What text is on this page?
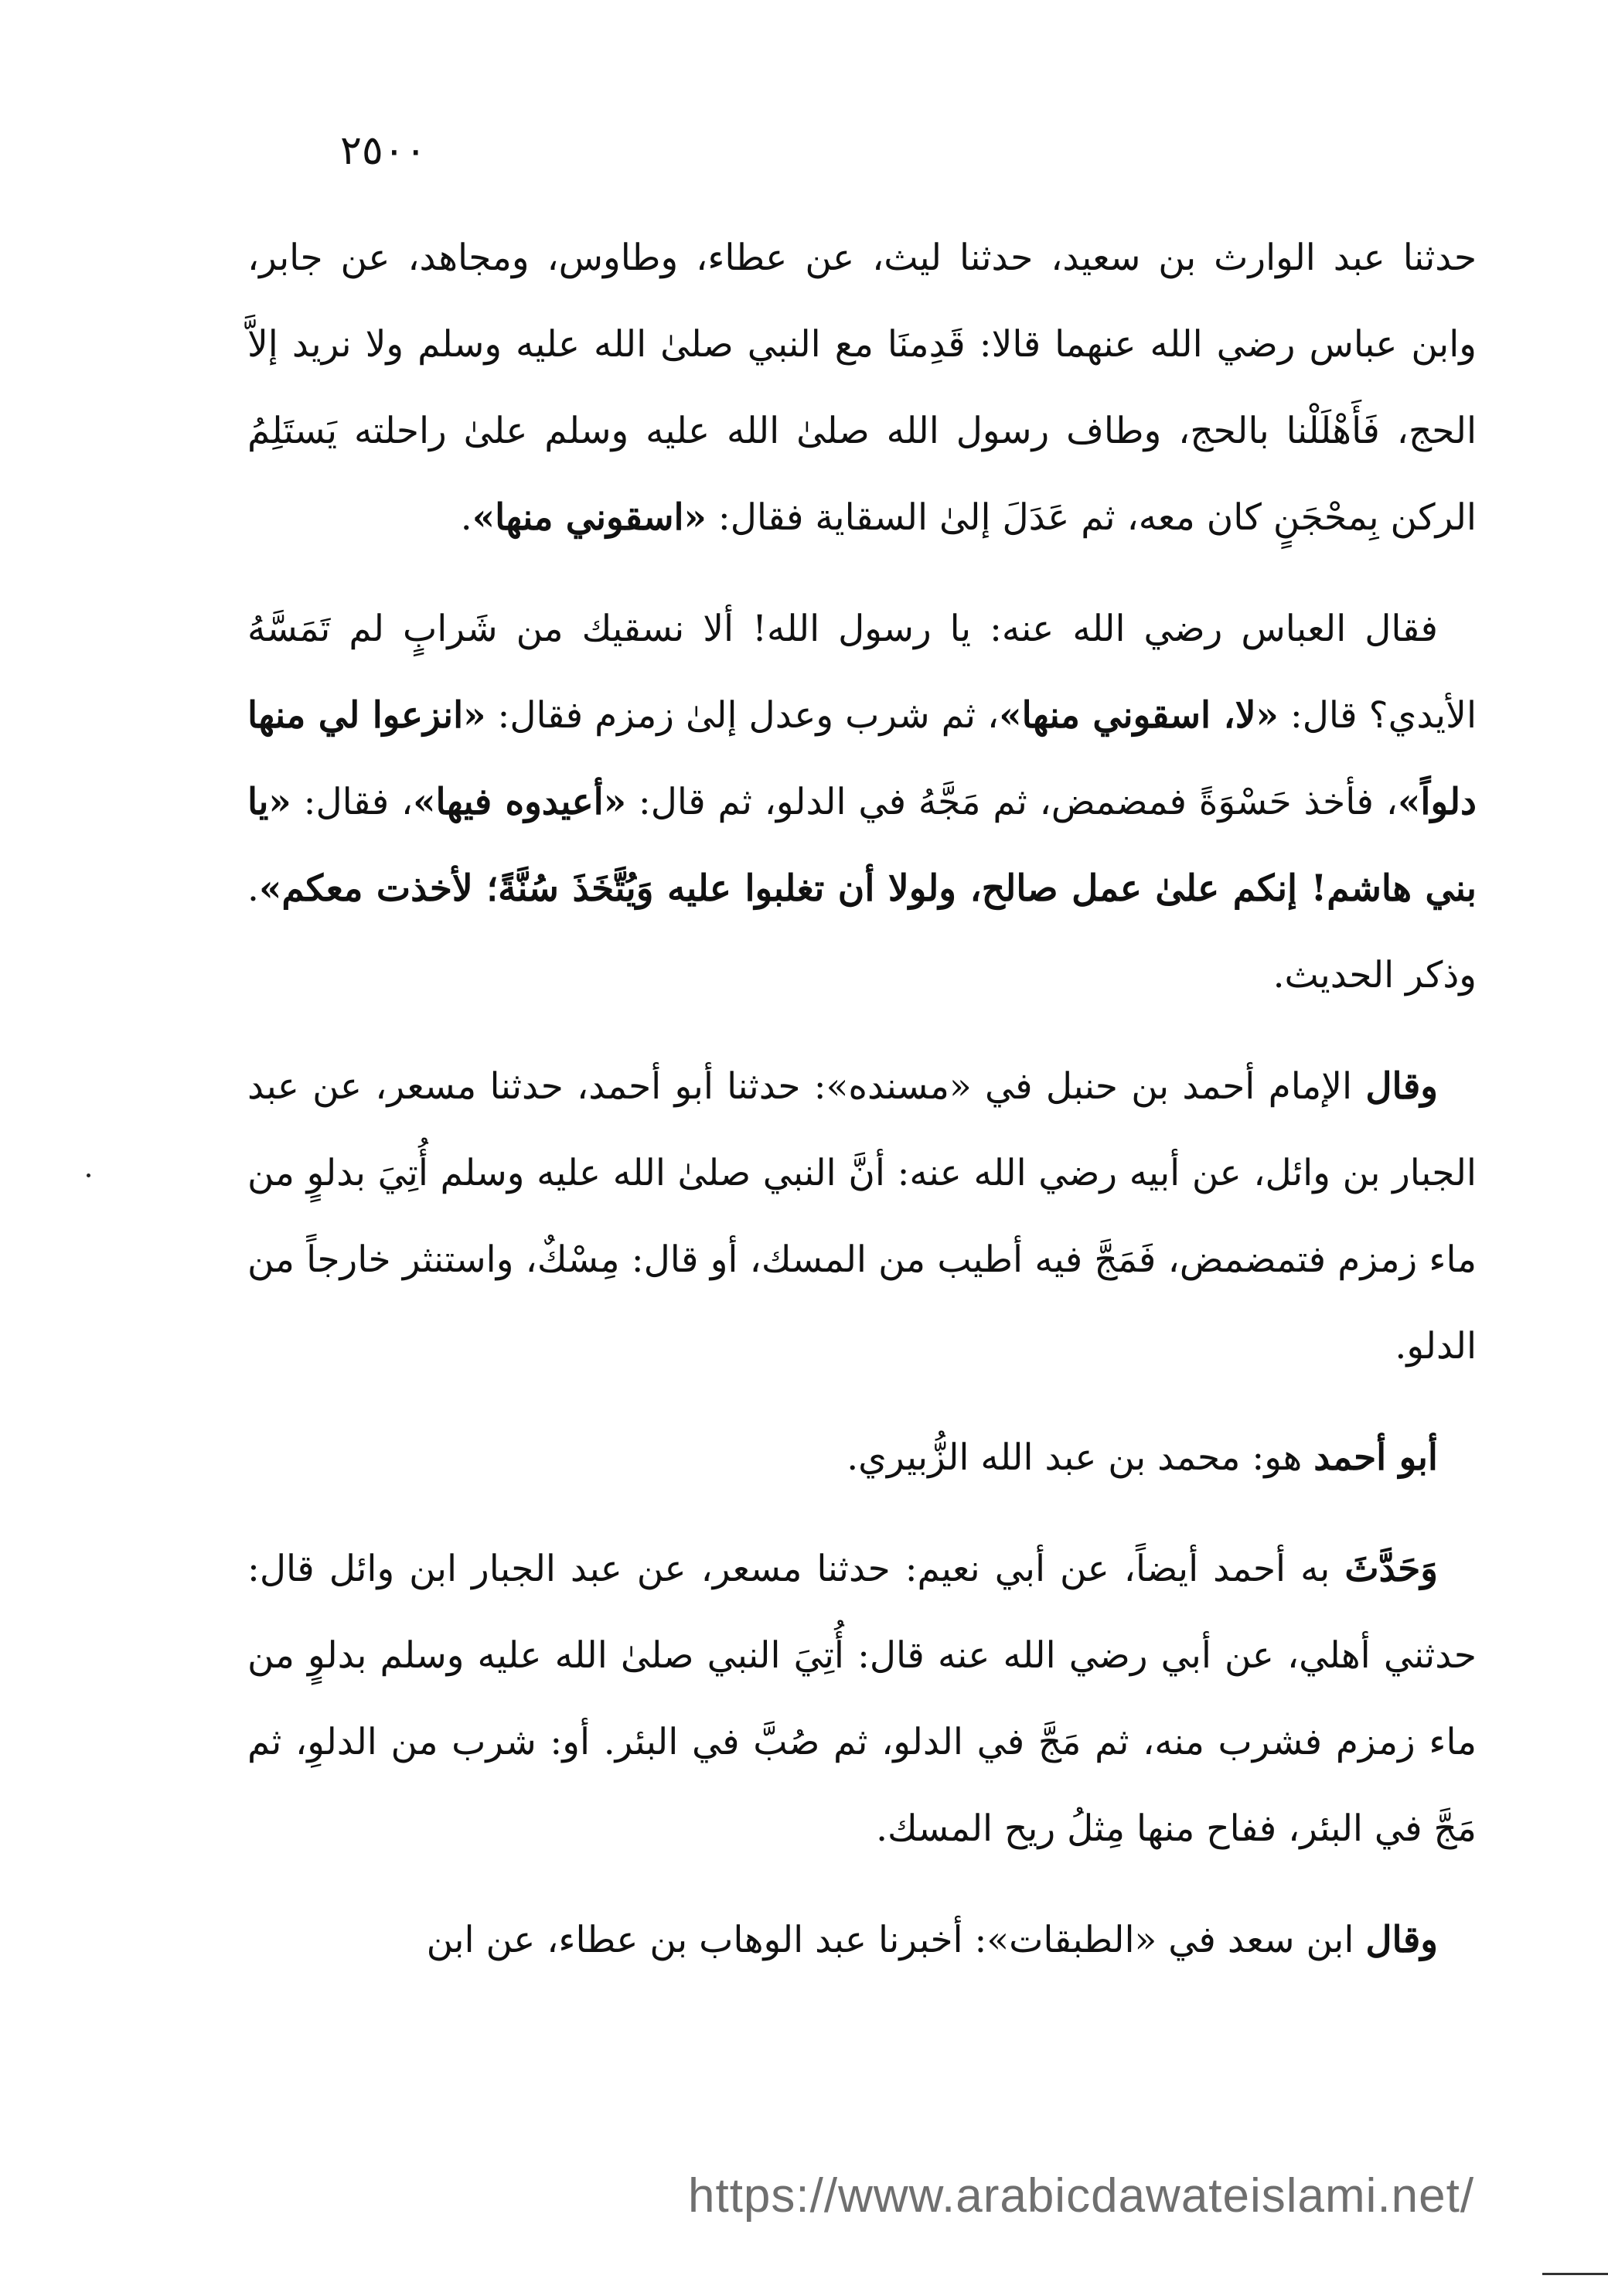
٢٥٠٠

حدثنا عبد الوارث بن سعيد، حدثنا ليث، عن عطاء، وطاوس، ومجاهد، عن جابر، وابن عباس رضي الله عنهما قالا: قَدِمنَا مع النبي صلىٰ الله عليه وسلم ولا نريد إلاَّ الحج، فَأَهْلَلْنا بالحج، وطاف رسول الله صلىٰ الله عليه وسلم علىٰ راحلته يَستَلِمُ الركن بِمحْجَنٍ كان معه، ثم عَدَلَ إلىٰ السقاية فقال: «اسقوني منها».

فقال العباس رضي الله عنه: يا رسول الله! ألا نسقيك من شَرابٍ لم تَمَسَّهُ الأيدي؟ قال: «لا، اسقوني منها»، ثم شرب وعدل إلىٰ زمزم فقال: «انزعوا لي منها دلواً»، فأخذ حَسْوَةً فمضمض، ثم مَجَّهُ في الدلو، ثم قال: «أعيدوه فيها»، فقال: «يا بني هاشم! إنكم علىٰ عمل صالح، ولولا أن تغلبوا عليه وَيُتَّخَذَ سُنَّةً؛ لأخذت معكم». وذكر الحديث.

وقال الإمام أحمد بن حنبل في «مسنده»: حدثنا أبو أحمد، حدثنا مسعر، عن عبد الجبار بن وائل، عن أبيه رضي الله عنه: أنَّ النبي صلىٰ الله عليه وسلم أُتِيَ بدلوٍ من ماء زمزم فتمضمض، فَمَجَّ فيه أطيب من المسك، أو قال: مِسْكٌ، واستنثر خارجاً من الدلو.

أبو أحمد هو: محمد بن عبد الله الزُّبيري.

وَحَدَّثَ به أحمد أيضاً، عن أبي نعيم: حدثنا مسعر، عن عبد الجبار ابن وائل قال: حدثني أهلي، عن أبي رضي الله عنه قال: أُتِيَ النبي صلىٰ الله عليه وسلم بدلوٍ من ماء زمزم فشرب منه، ثم مَجَّ في الدلو، ثم صُبَّ في البئر. أو: شرب من الدلوِ، ثم مَجَّ في البئر، ففاح منها مِثلُ ريح المسك.

وقال ابن سعد في «الطبقات»: أخبرنا عبد الوهاب بن عطاء، عن ابن

https://www.arabicdawateislami.net/
